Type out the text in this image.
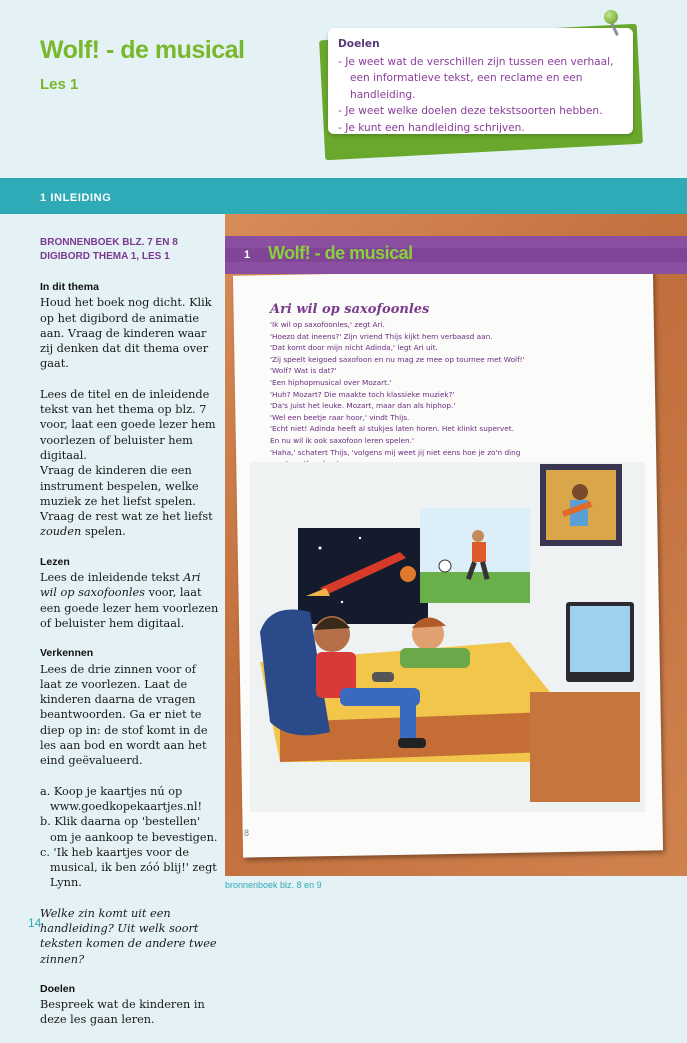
Wolf! - de musical
Les 1
Doelen
- Je weet wat de verschillen zijn tussen een verhaal, een informatieve tekst, een reclame en een handleiding.
- Je weet welke doelen deze tekstsoorten hebben.
- Je kunt een handleiding schrijven.
1 INLEIDING
BRONNENBOEK BLZ. 7 EN 8
DIGIBORD THEMA 1, LES 1
In dit thema

Houd het boek nog dicht. Klik op het digibord de animatie aan. Vraag de kinderen waar zij denken dat dit thema over gaat.

Lees de titel en de inleidende tekst van het thema op blz. 7 voor, laat een goede lezer hem voorlezen of beluister hem digitaal.

Vraag de kinderen die een instrument bespelen, welke muziek ze het liefst spelen. Vraag de rest wat ze het liefst zouden spelen.

Lezen

Lees de inleidende tekst Ari wil op saxofoonles voor, laat een goede lezer hem voorlezen of beluister hem digitaal.

Verkennen

Lees de drie zinnen voor of laat ze voorlezen. Laat de kinderen daarna de vragen beantwoorden. Ga er niet te diep op in: de stof komt in de les aan bod en wordt aan het eind geëvalueerd.

a. Koop je kaartjes nú op www.goedkopekaartjes.nl!
b. Klik daarna op 'bestellen' om je aankoop te bevestigen.
c. 'Ik heb kaartjes voor de musical, ik ben zóó blij!' zegt Lynn.

Welke zin komt uit een handleiding? Uit welk soort teksten komen de andere twee zinnen?

Doelen

Bespreek wat de kinderen in deze les gaan leren.

1 Wolf! - de musical
Ari wil op saxofoonles
'Ik wil op saxofoonles,' zegt Ari.
'Hoezo dat ineens?' Zijn vriend Thijs kijkt hem verbaasd aan.
'Dat komt door mijn nicht Adinda,' legt Ari uit.
'Zij speelt keigoed saxofoon en nu mag ze mee op tournee met Wolf!'
'Wolf? Wat is dat?'
'Een hiphopmusical over Mozart.'
'Huh? Mozart? Die maakte toch klassieke muziek?'
'Da's juist het leuke. Mozart, maar dan als hiphop.'
'Wel een beetje raar hoor,' vindt Thijs.
'Echt niet! Adinda heeft al stukjes laten horen. Het klinkt supervet.
En nu wil ik ook saxofoon leren spelen.'
'Haha,' schatert Thijs, 'volgens mij weet jij niet eens hoe je zo'n ding
8
bronnenboek blz. 8 en 9
14
